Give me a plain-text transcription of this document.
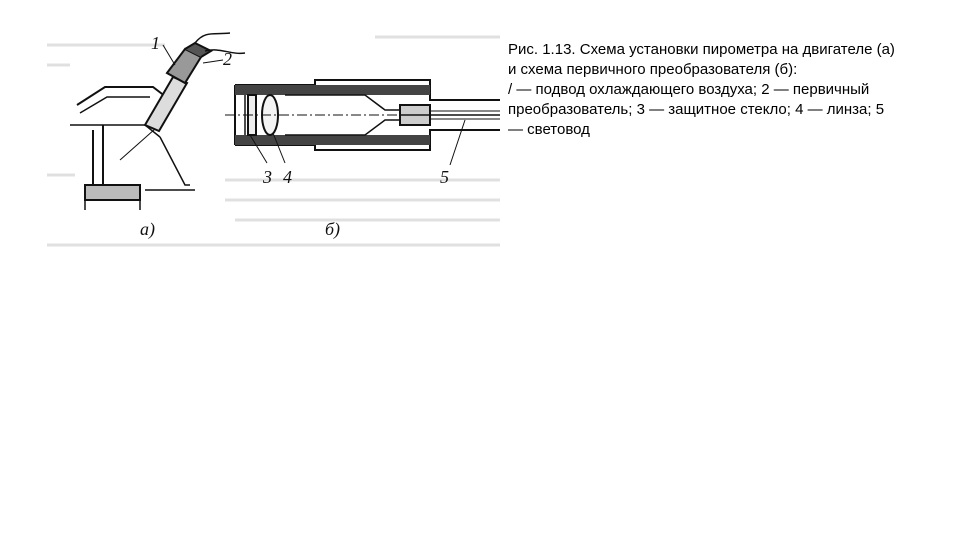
1
2
а)
3 4	5
б)

Рис. 1.13. Схема установки пирометра на двигателе (а) и схема первичного преобразователя (б):

/ — подвод охлаждающего воздуха; 2 — первичный преобразователь; 3 — защитное стекло; 4 — линза; 5 — световод
